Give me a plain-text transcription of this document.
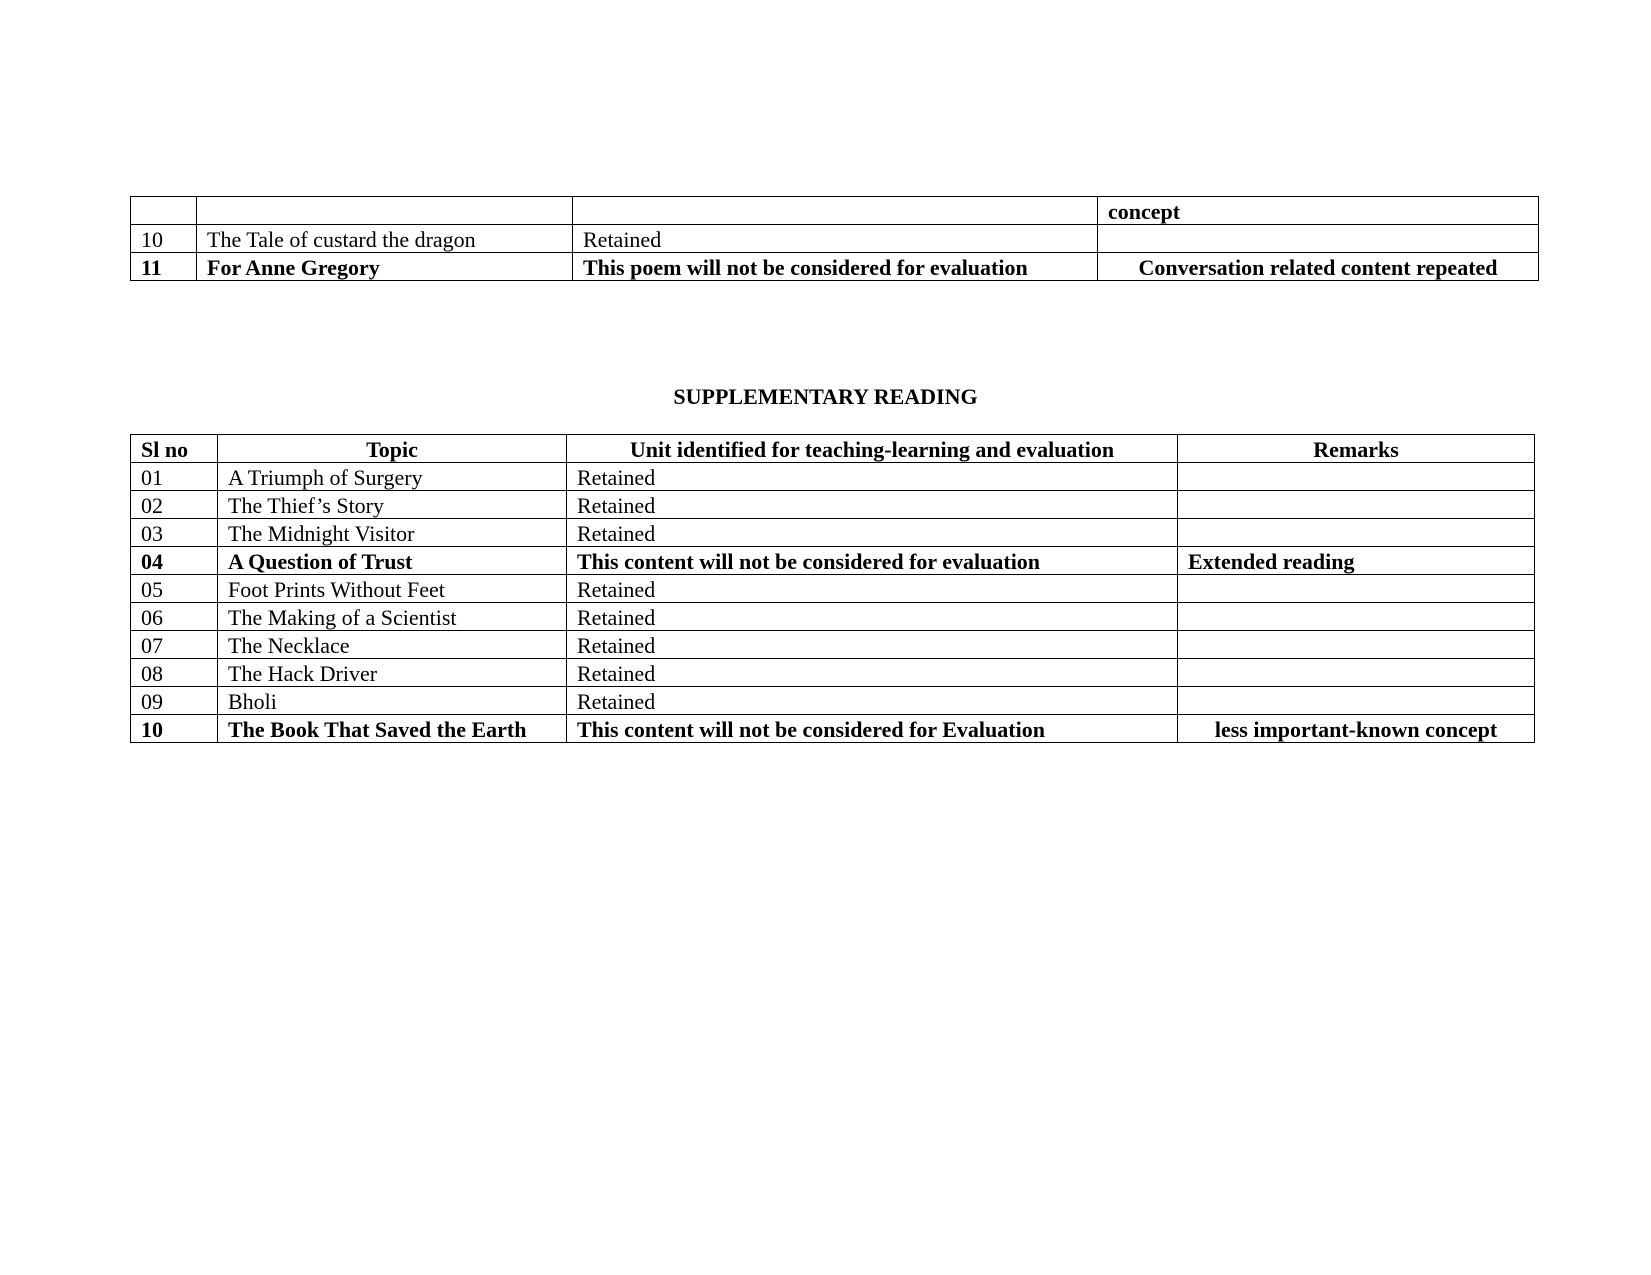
			concept
10	The Tale of custard the dragon	Retained	
11	For Anne Gregory	This poem will not be considered for evaluation	Conversation related content repeated
SUPPLEMENTARY READING
Sl no	Topic	Unit identified for teaching-learning and evaluation	Remarks
01	A Triumph of Surgery	Retained	
02	The Thief’s Story	Retained	
03	The Midnight Visitor	Retained	
04	A Question of Trust	This content will not be considered for evaluation	Extended reading
05	Foot Prints Without Feet	Retained	
06	The Making of a Scientist	Retained	
07	The Necklace	Retained	
08	The Hack Driver	Retained	
09	Bholi	Retained	
10	The Book That Saved the Earth	This content will not be considered for Evaluation	less important-known concept
